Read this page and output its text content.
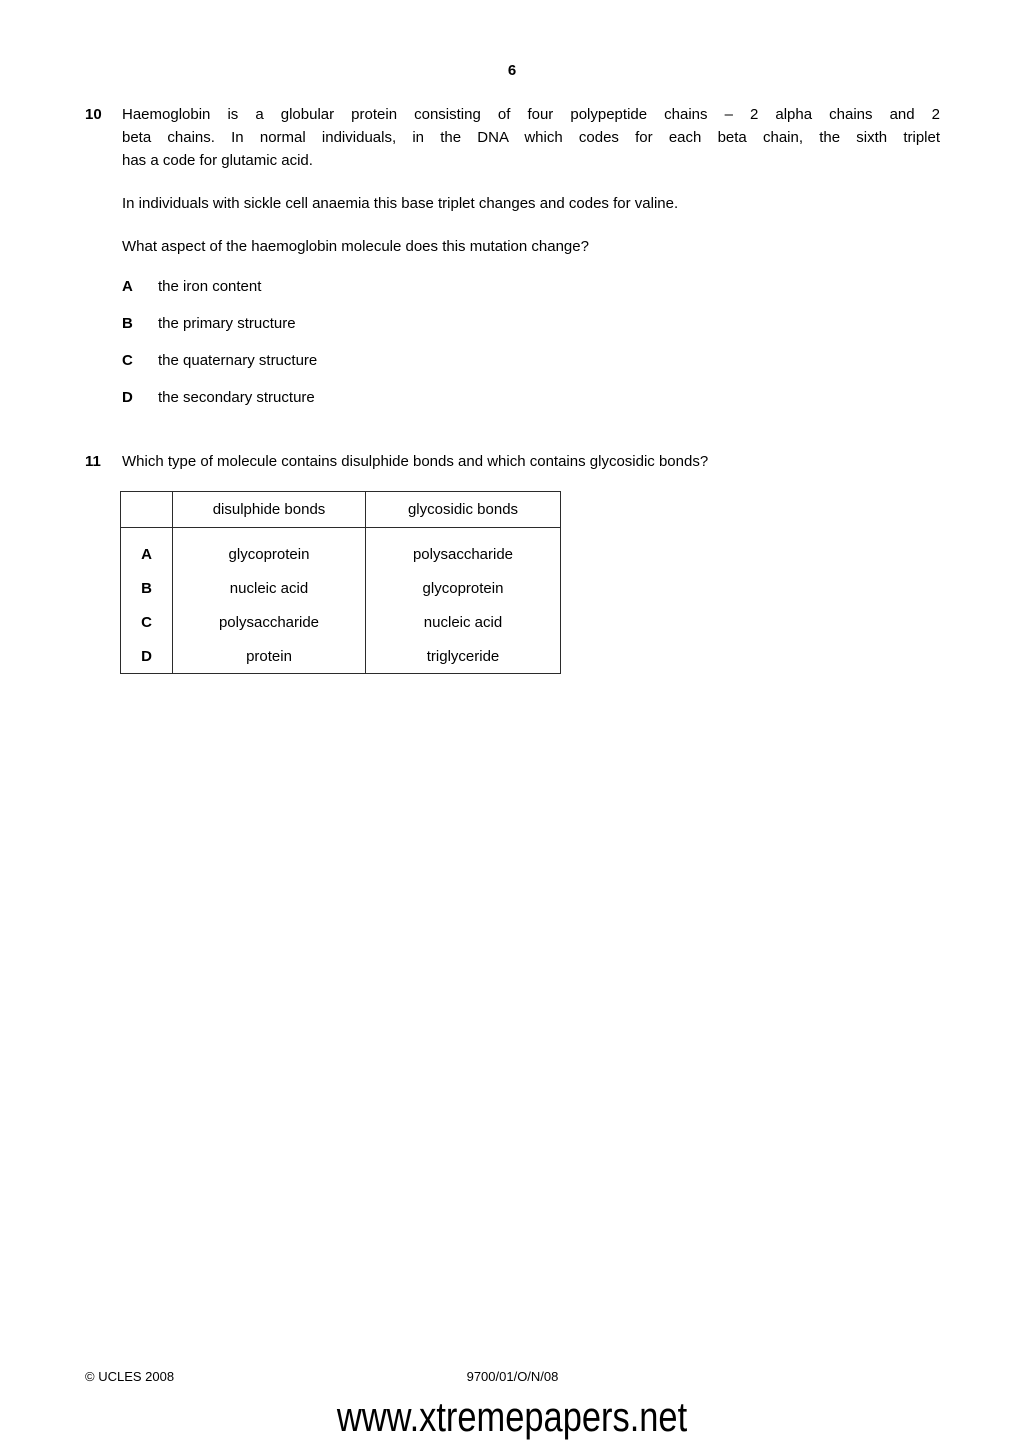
6
10	Haemoglobin is a globular protein consisting of four polypeptide chains – 2 alpha chains and 2
beta chains. In normal individuals, in the DNA which codes for each beta chain, the sixth triplet
has a code for glutamic acid.

In individuals with sickle cell anaemia this base triplet changes and codes for valine.

What aspect of the haemoglobin molecule does this mutation change?

A	the iron content
B	the primary structure
C	the quaternary structure
D	the secondary structure
11	Which type of molecule contains disulphide bonds and which contains glycosidic bonds?

	disulphide bonds	glycosidic bonds
A	glycoprotein	polysaccharide
B	nucleic acid	glycoprotein
C	polysaccharide	nucleic acid
D	protein	triglyceride
© UCLES 2008	9700/01/O/N/08
www.xtremepapers.net
